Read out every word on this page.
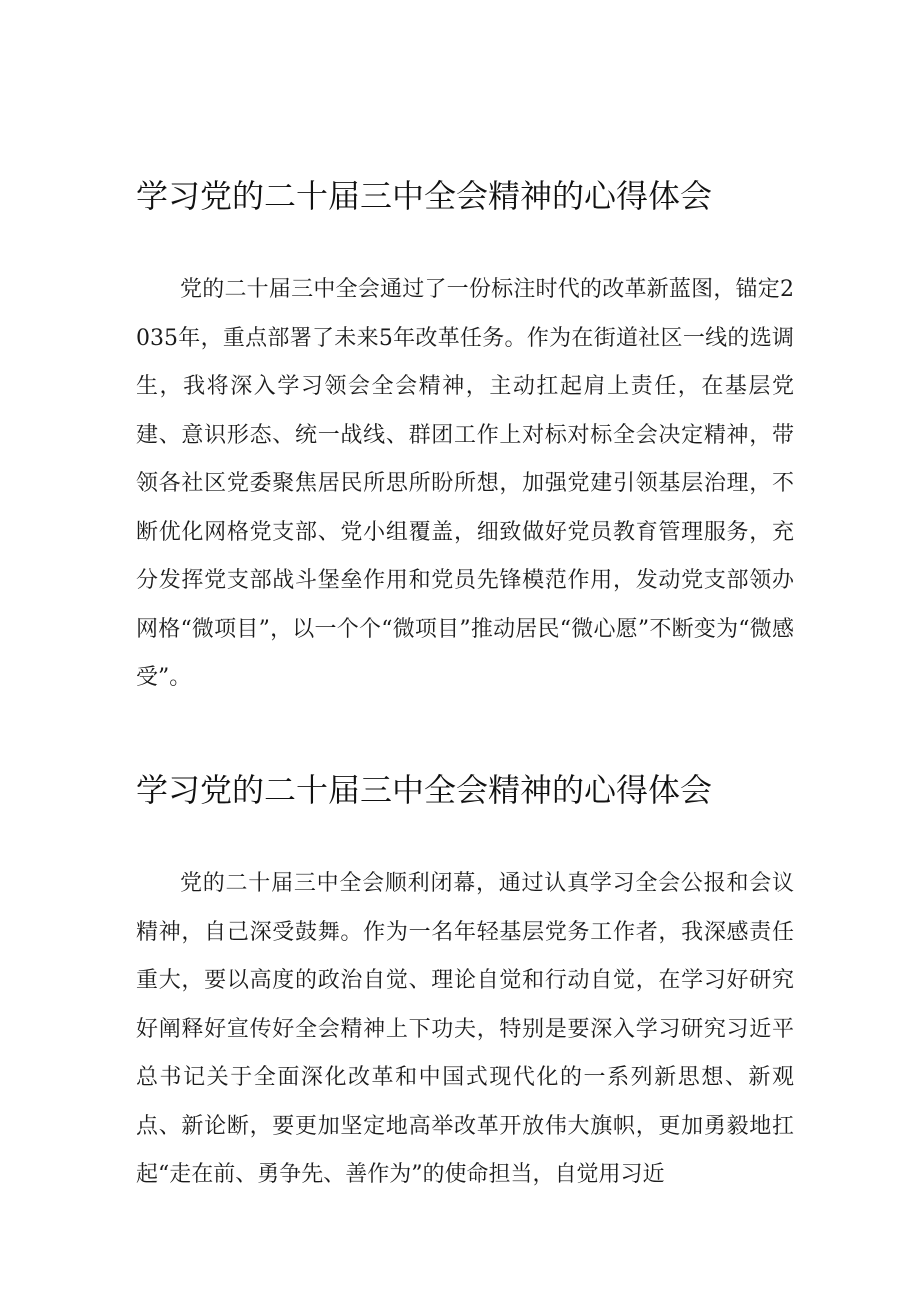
学习党的二十届三中全会精神的心得体会

党的二十届三中全会通过了一份标注时代的改革新蓝图，锚定2035年，重点部署了未来5年改革任务。作为在街道社区一线的选调生，我将深入学习领会全会精神，主动扛起肩上责任，在基层党建、意识形态、统一战线、群团工作上对标对标全会决定精神，带领各社区党委聚焦居民所思所盼所想，加强党建引领基层治理，不断优化网格党支部、党小组覆盖，细致做好党员教育管理服务，充分发挥党支部战斗堡垒作用和党员先锋模范作用，发动党支部领办网格“微项目”，以一个个“微项目”推动居民“微心愿”不断变为“微感受”。

学习党的二十届三中全会精神的心得体会

党的二十届三中全会顺利闭幕，通过认真学习全会公报和会议精神，自己深受鼓舞。作为一名年轻基层党务工作者，我深感责任重大，要以高度的政治自觉、理论自觉和行动自觉，在学习好研究好阐释好宣传好全会精神上下功夫，特别是要深入学习研究习近平总书记关于全面深化改革和中国式现代化的一系列新思想、新观点、新论断，要更加坚定地高举改革开放伟大旗帜，更加勇毅地扛起“走在前、勇争先、善作为”的使命担当，自觉用习近
